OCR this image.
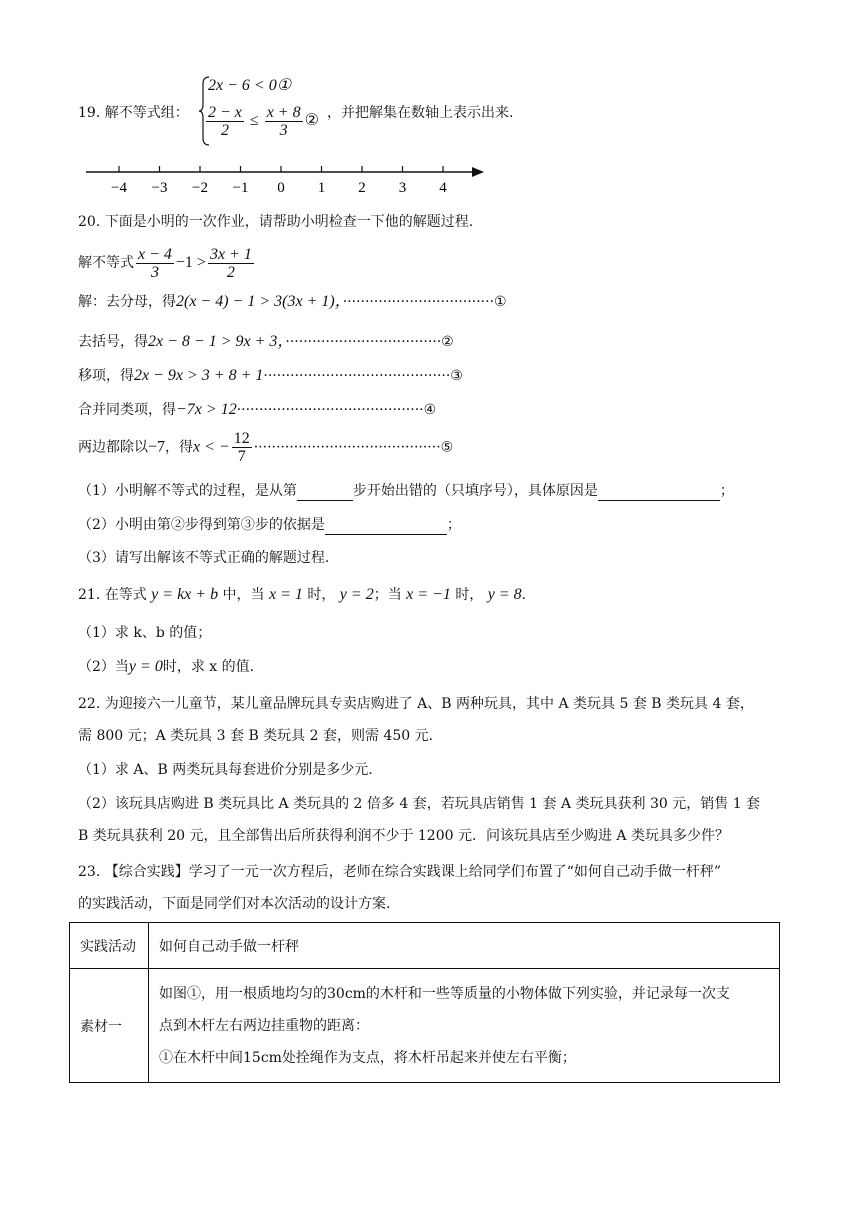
19. 解不等式组：
2x − 6 < 0①
$\frac{2 - x}{2} \le \frac{x + 8}{3}$ ② ，并把解集在数轴上表示出来.
−4 −3 −2 −1 0 1 2 3 4
20. 下面是小明的一次作业，请帮助小明检查一下他的解题过程.
解不等式 $\frac{x - 4}{3} -1 > \frac{3x + 1}{2}$
解：去分母，得2(x − 4) − 1 > 3(3x + 1)，··································①
去括号，得2x − 8 − 1 > 9x + 3，···································②
移项，得2x − 9x > 3 + 8 + 1··········································③
合并同类项，得−7x > 12··········································④
两边都除以−7，得x < − $\frac{12}{7}$ ··········································⑤
（1）小明解不等式的过程，是从第	步开始出错的（只填序号），具体原因是	；
（2）小明由第②步得到第③步的依据是	；
（3）请写出解该不等式正确的解题过程.
21. 在等式 y = kx + b 中，当 x = 1 时， y = 2；当 x = −1 时， y = 8.
（1）求 k、b 的值；
（2）当y = 0时，求 x 的值.
22. 为迎接六一儿童节，某儿童品牌玩具专卖店购进了 A、B 两种玩具，其中 A 类玩具 5 套 B 类玩具 4 套，
需 800 元；A 类玩具 3 套 B 类玩具 2 套，则需 450 元.
（1）求 A、B 两类玩具每套进价分别是多少元.
（2）该玩具店购进 B 类玩具比 A 类玩具的 2 倍多 4 套，若玩具店销售 1 套 A 类玩具获利 30 元，销售 1 套
B 类玩具获利 20 元，且全部售出后所获得利润不少于 1200 元．问该玩具店至少购进 A 类玩具多少件？
23. 【综合实践】学习了一元一次方程后，老师在综合实践课上给同学们布置了“如何自己动手做一杆秤”
的实践活动，下面是同学们对本次活动的设计方案.
实践活动	如何自己动手做一杆秤
素材一	如图①，用一根质地均匀的30cm的木杆和一些等质量的小物体做下列实验，并记录每一次支
点到木杆左右两边挂重物的距离：
①在木杆中间15cm处拴绳作为支点，将木杆吊起来并使左右平衡；
